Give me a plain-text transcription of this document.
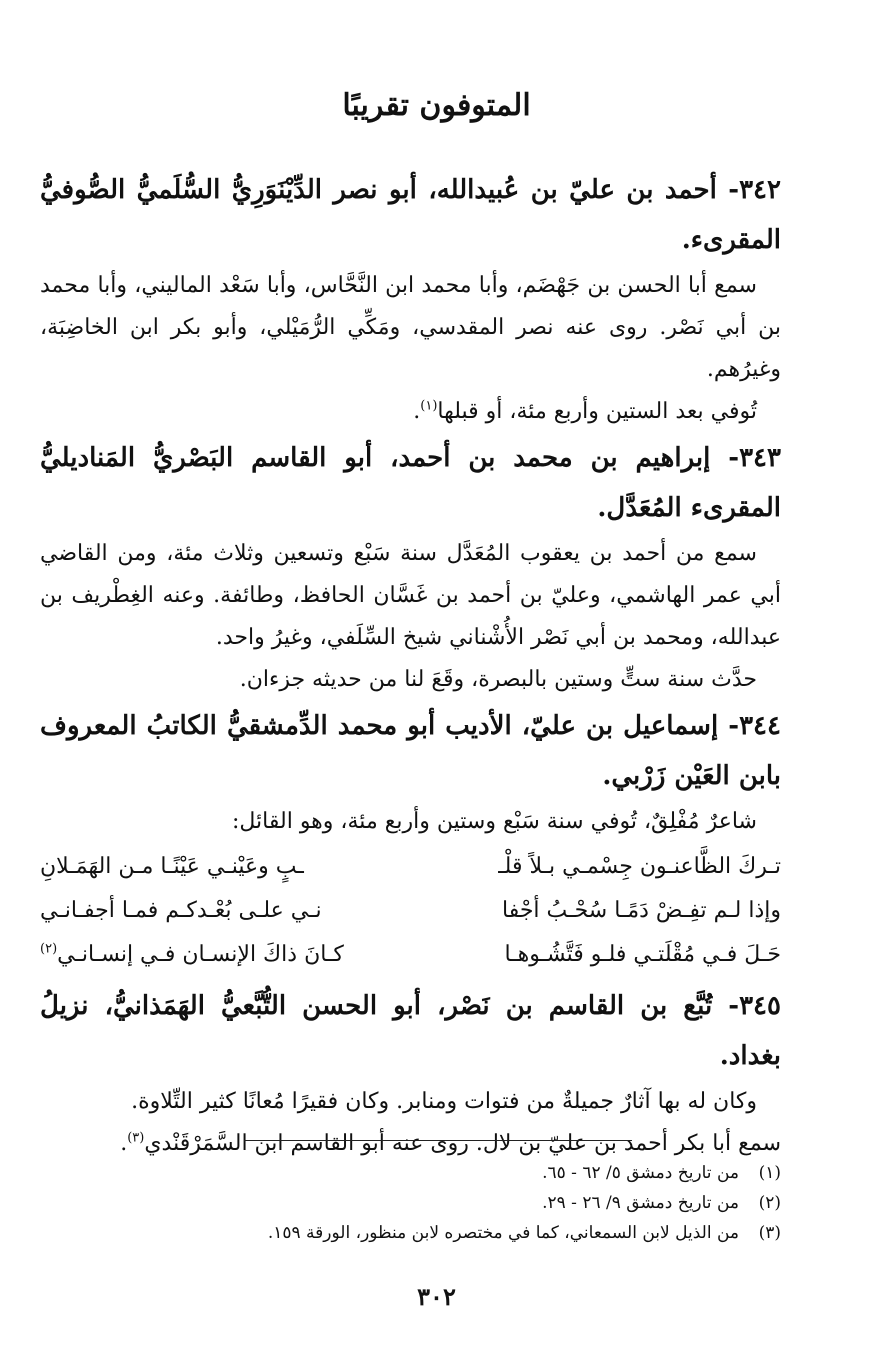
المتوفون تقريبًا

٣٤٢- أحمد بن عليّ بن عُبيدالله، أبو نصر الدِّيْنَوَرِيُّ السُّلَميُّ الصُّوفيُّ المقرىء.

سمع أبا الحسن بن جَهْضَم، وأبا محمد ابن النَّحَّاس، وأبا سَعْد الماليني، وأبا محمد بن أبي نَصْر. روى عنه نصر المقدسي، ومَكِّي الرُّمَيْلي، وأبو بكر ابن الخاضِبَة، وغيرُهم.

تُوفي بعد الستين وأربع مئة، أو قبلها$^{(١)}$.

٣٤٣- إبراهيم بن محمد بن أحمد، أبو القاسم البَصْريُّ المَناديليُّ المقرىء المُعَدَّل.

سمع من أحمد بن يعقوب المُعَدَّل سنة سَبْع وتسعين وثلاث مئة، ومن القاضي أبي عمر الهاشمي، وعليّ بن أحمد بن غَسَّان الحافظ، وطائفة. وعنه الغِطْريف بن عبدالله، ومحمد بن أبي نَصْر الأُشْناني شيخ السِّلَفي، وغيرُ واحد.

حدَّث سنة ستٍّ وستين بالبصرة، وقَعَ لنا من حديثه جزءان.

٣٤٤- إسماعيل بن عليّ، الأديب أبو محمد الدِّمشقيُّ الكاتبُ المعروف بابن العَيْن زَرْبي.

شاعرٌ مُفْلِقٌ، تُوفي سنة سَبْع وستين وأربع مئة، وهو القائل:

تـركَ الظَّاعنـون جِسْمـي بـلاً قلْـ
ـبٍ وعَيْنـي عَيْنًـا مـن الهَمَـلانِ
وإذا لـم تفِـضْ دَمًـا سُحْـبُ أجْفا
نـي علـى بُعْـدكـم فمـا أجفـانـي
حَـلَ فـي مُقْلَتـي فلـو فَتَّشُـوهـا
كـانَ ذاكَ الإنسـان فـي إنسـانـي$^{(٢)}$

٣٤٥- تُبَّع بن القاسم بن نَصْر، أبو الحسن التُّبَّعيُّ الهَمَذانيُّ، نزيلُ بغداد.

وكان له بها آثارٌ جميلةٌ من فتوات ومنابر. وكان فقيرًا مُعانًا كثير التِّلاوة.

سمع أبا بكر أحمد بن عليّ بن لال. روى عنه أبو القاسم ابن السَّمَرْقَنْدي$^{(٣)}$.

(١)
من تاريخ دمشق ٥/ ٦٢ - ٦٥.
(٢)
من تاريخ دمشق ٩/ ٢٦ - ٢٩.
(٣)
من الذيل لابن السمعاني، كما في مختصره لابن منظور، الورقة ١٥٩.
٣٠٢
